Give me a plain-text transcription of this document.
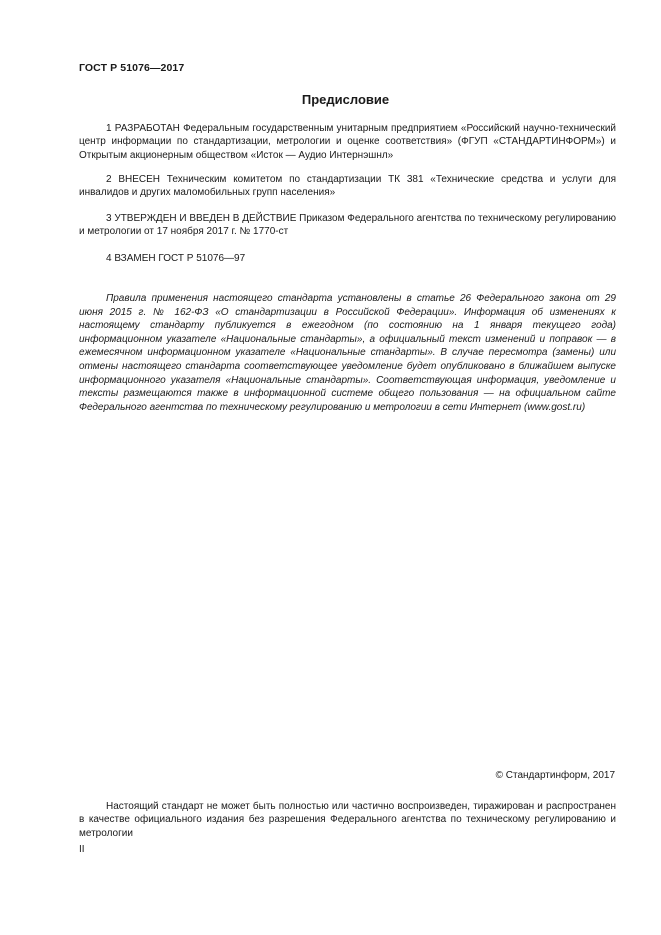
ГОСТ Р 51076—2017
Предисловие

1 РАЗРАБОТАН Федеральным государственным унитарным предприятием «Российский научно-технический центр информации по стандартизации, метрологии и оценке соответствия» (ФГУП «СТАНДАРТИНФОРМ») и Открытым акционерным обществом «Исток — Аудио Интернэшнл»

2 ВНЕСЕН Техническим комитетом по стандартизации ТК 381 «Технические средства и услуги для инвалидов и других маломобильных групп населения»

3 УТВЕРЖДЕН И ВВЕДЕН В ДЕЙСТВИЕ Приказом Федерального агентства по техническому регулированию и метрологии от 17 ноября 2017 г. № 1770-ст

4 ВЗАМЕН ГОСТ Р 51076—97

Правила применения настоящего стандарта установлены в статье 26 Федерального закона от 29 июня 2015 г. № 162-ФЗ «О стандартизации в Российской Федерации». Информация об изменениях к настоящему стандарту публикуется в ежегодном (по состоянию на 1 января текущего года) информационном указателе «Национальные стандарты», а официальный текст изменений и поправок — в ежемесячном информационном указателе «Национальные стандарты». В случае пересмотра (замены) или отмены настоящего стандарта соответствующее уведомление будет опубликовано в ближайшем выпуске информационного указателя «Национальные стандарты». Соответствующая информация, уведомление и тексты размещаются также в информационной системе общего пользования — на официальном сайте Федерального агентства по техническому регулированию и метрологии в сети Интернет (www.gost.ru)

© Стандартинформ, 2017

Настоящий стандарт не может быть полностью или частично воспроизведен, тиражирован и распространен в качестве официального издания без разрешения Федерального агентства по техническому регулированию и метрологии

II
